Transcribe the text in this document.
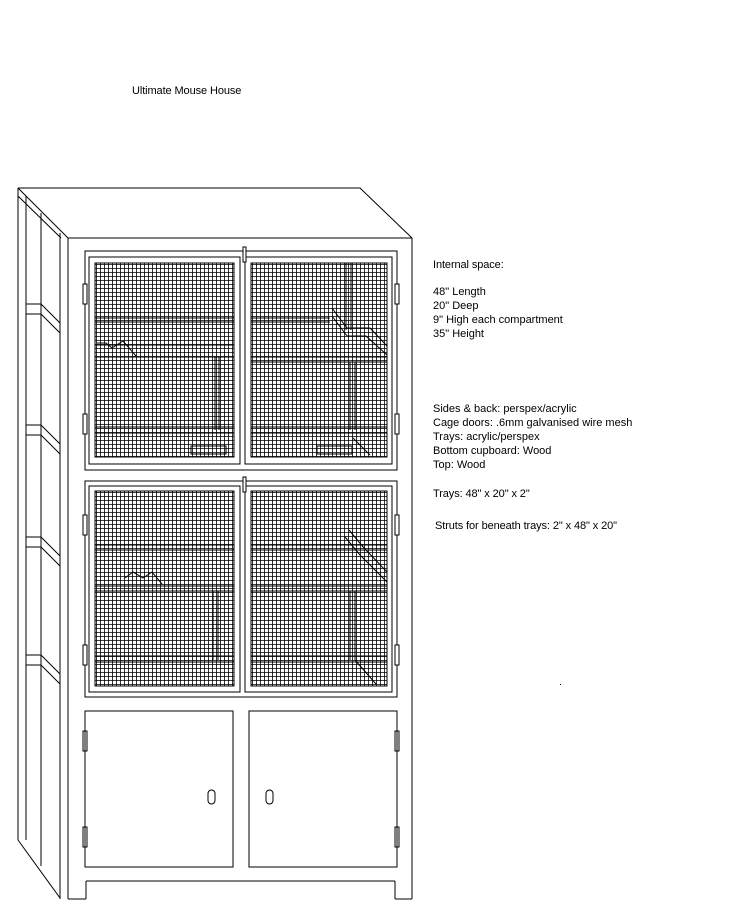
Ultimate Mouse House
Internal space:
48" Length
20" Deep
9" High each compartment
35" Height
Sides & back: perspex/acrylic
Cage doors: .6mm galvanised wire mesh
Trays: acrylic/perspex
Bottom cupboard: Wood
Top: Wood
Trays: 48" x 20" x 2"
Struts for beneath trays: 2" x 48" x 20"
